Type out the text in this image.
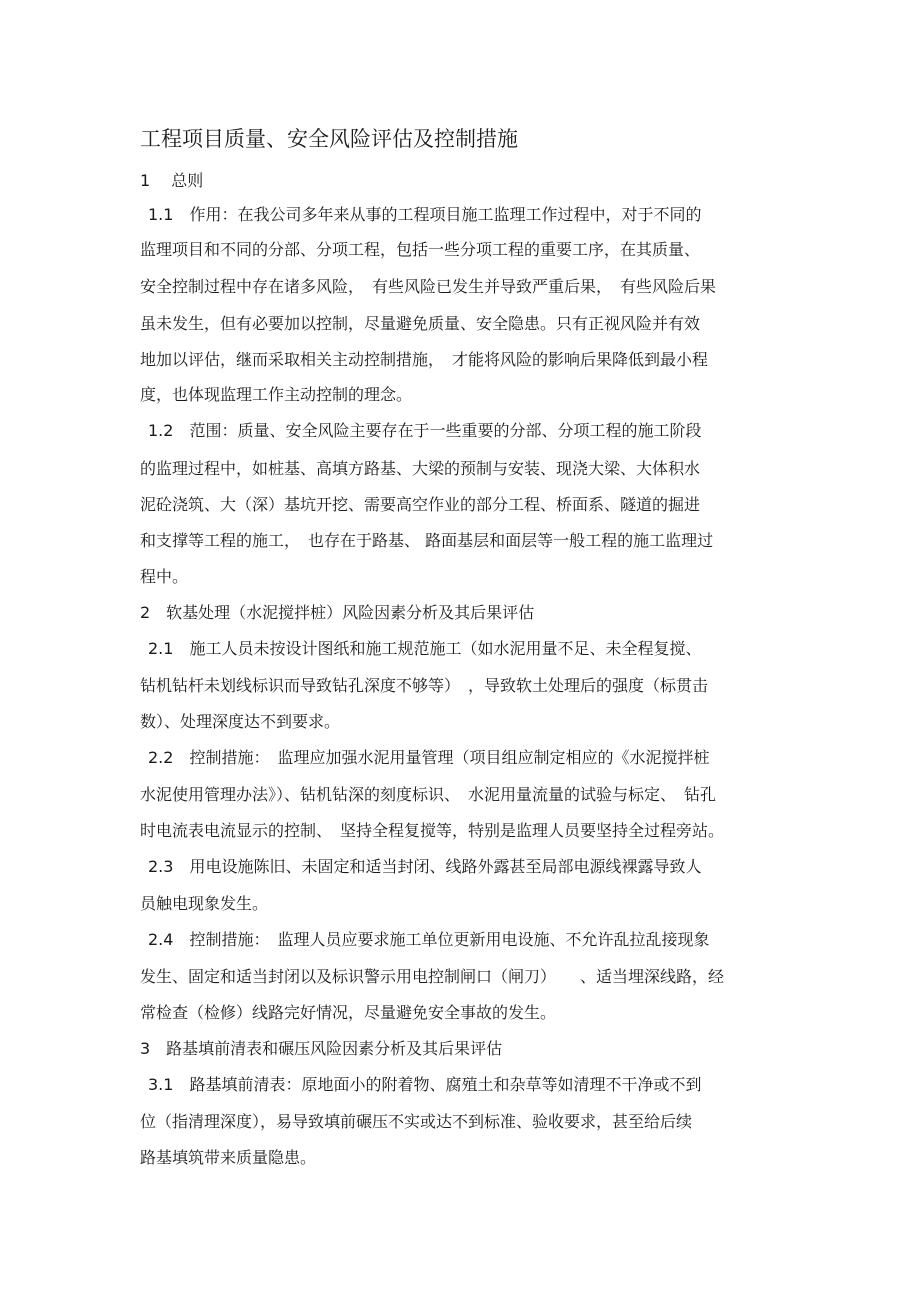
工程项目质量、安全风险评估及控制措施
1　 总则
1.1　作用：在我公司多年来从事的工程项目施工监理工作过程中，对于不同的
监理项目和不同的分部、分项工程，包括一些分项工程的重要工序，在其质量、
安全控制过程中存在诸多风险，　有些风险已发生并导致严重后果，　有些风险后果
虽未发生，但有必要加以控制，尽量避免质量、安全隐患。只有正视风险并有效
地加以评估，继而采取相关主动控制措施，　才能将风险的影响后果降低到最小程
度，也体现监理工作主动控制的理念。
1.2　范围：质量、安全风险主要存在于一些重要的分部、分项工程的施工阶段
的监理过程中，如桩基、高填方路基、大梁的预制与安装、现浇大梁、大体积水
泥砼浇筑、大（深）基坑开挖、需要高空作业的部分工程、桥面系、隧道的掘进
和支撑等工程的施工，　也存在于路基、 路面基层和面层等一般工程的施工监理过
程中。
2　软基处理（水泥搅拌桩）风险因素分析及其后果评估
2.1　施工人员未按设计图纸和施工规范施工（如水泥用量不足、未全程复搅、
钻机钻杆未划线标识而导致钻孔深度不够等）　，导致软土处理后的强度（标贯击
数）、处理深度达不到要求。
2.2　控制措施：　监理应加强水泥用量管理（项目组应制定相应的《水泥搅拌桩
水泥使用管理办法》）、钻机钻深的刻度标识、　水泥用量流量的试验与标定、　钻孔
时电流表电流显示的控制、　坚持全程复搅等，特别是监理人员要坚持全过程旁站。
2.3　用电设施陈旧、未固定和适当封闭、线路外露甚至局部电源线裸露导致人
员触电现象发生。
2.4　控制措施：　监理人员应要求施工单位更新用电设施、不允许乱拉乱接现象
发生、固定和适当封闭以及标识警示用电控制闸口（闸刀）　　、适当埋深线路，经
常检查（检修）线路完好情况，尽量避免安全事故的发生。
3　路基填前清表和碾压风险因素分析及其后果评估
3.1　路基填前清表：原地面小的附着物、腐殖土和杂草等如清理不干净或不到
位（指清理深度），易导致填前碾压不实或达不到标准、验收要求，甚至给后续
路基填筑带来质量隐患。
